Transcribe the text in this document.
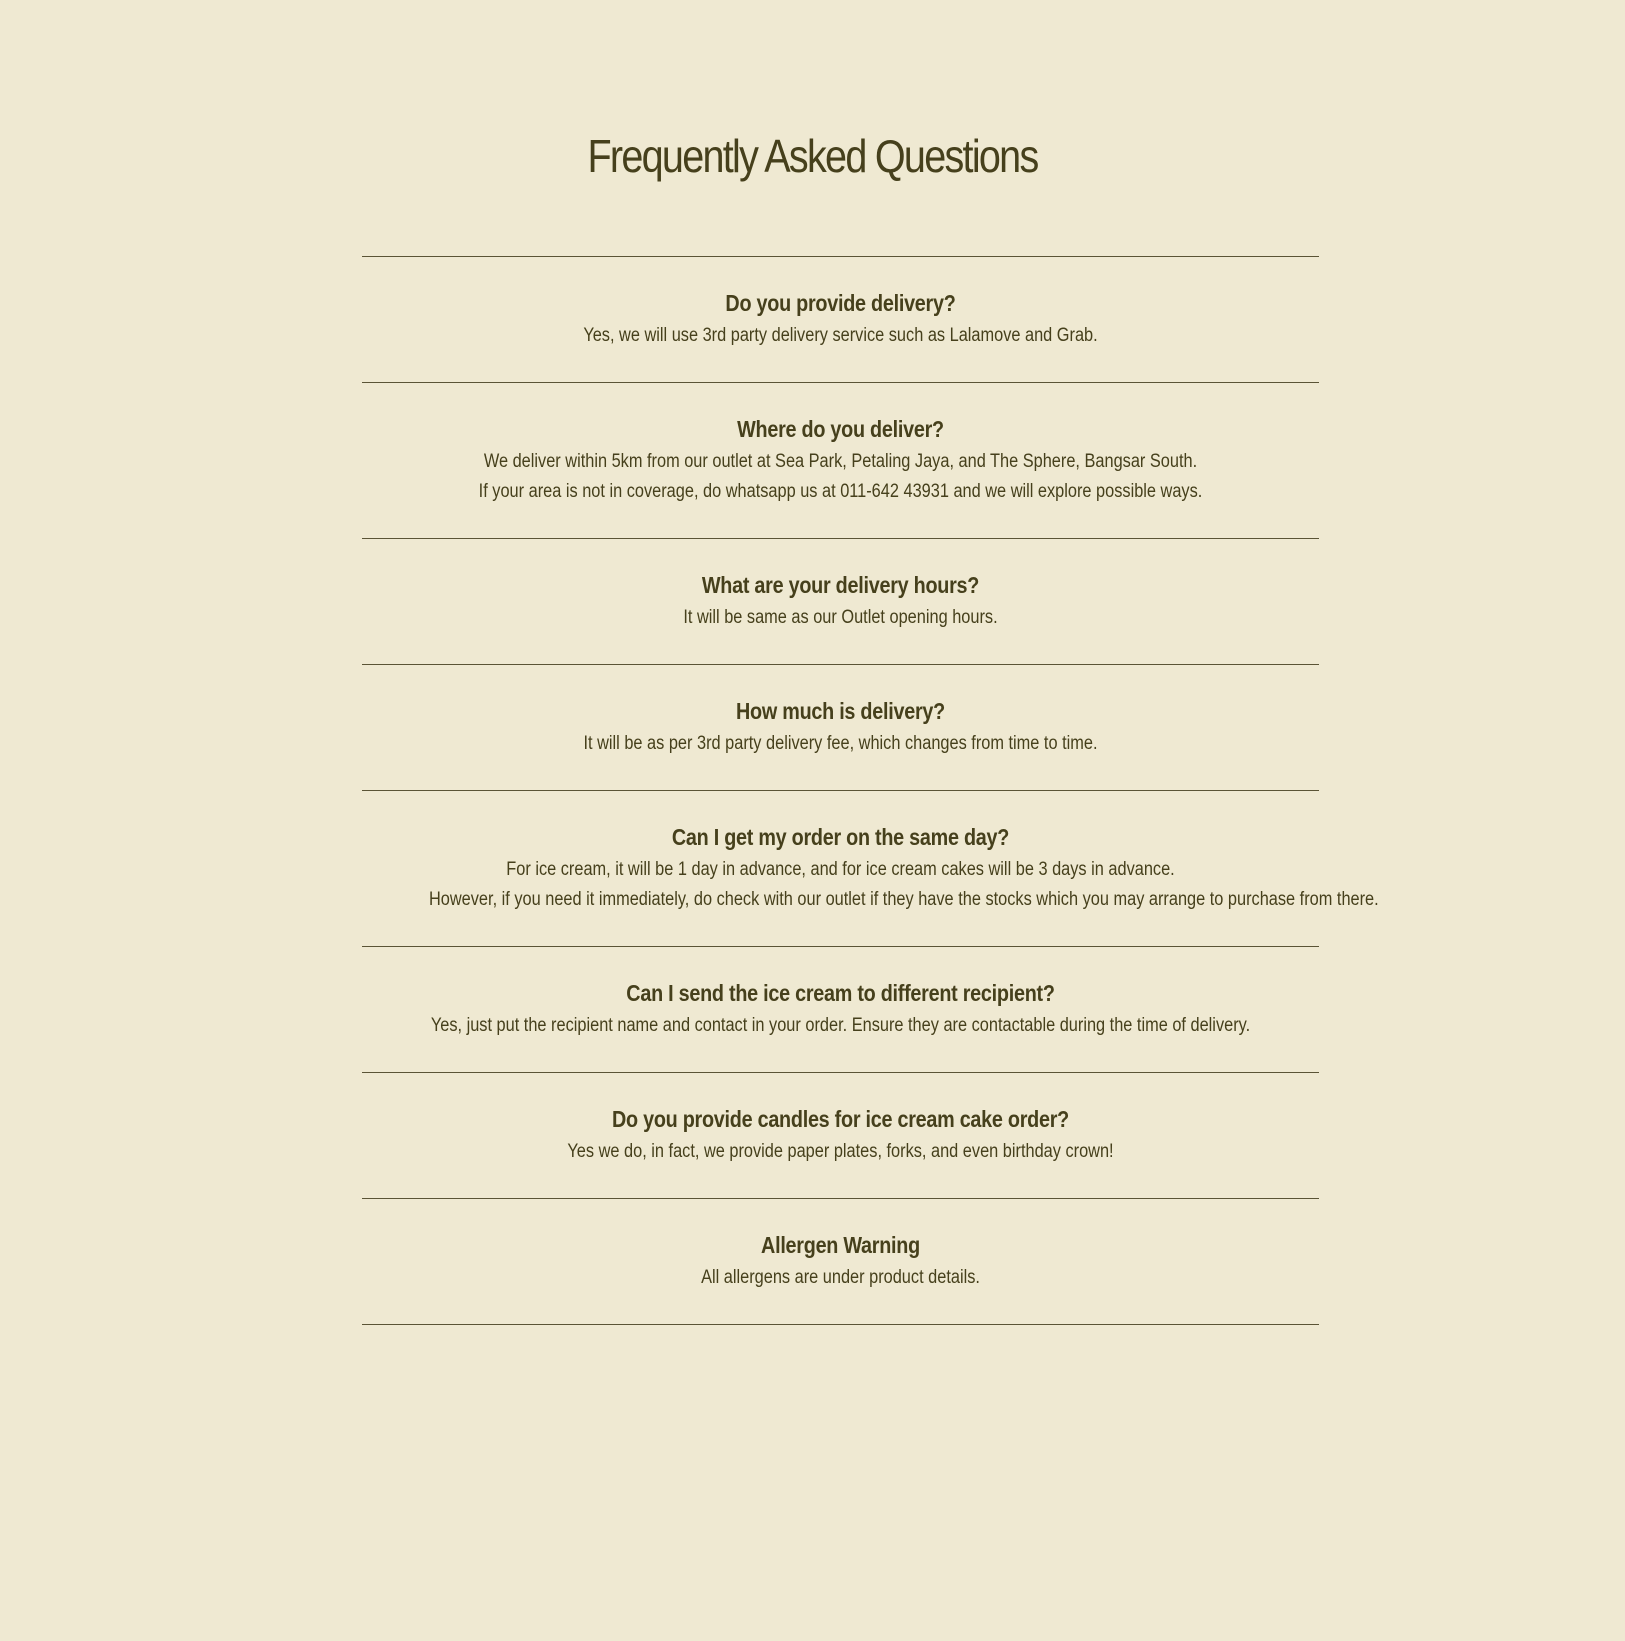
Frequently Asked Questions

Do you provide delivery?

Yes, we will use 3rd party delivery service such as Lalamove and Grab.

Where do you deliver?

We deliver within 5km from our outlet at Sea Park, Petaling Jaya, and The Sphere, Bangsar South.

If your area is not in coverage, do whatsapp us at 011-642 43931 and we will explore possible ways.

What are your delivery hours?

It will be same as our Outlet opening hours.

How much is delivery?

It will be as per 3rd party delivery fee, which changes from time to time.

Can I get my order on the same day?

For ice cream, it will be 1 day in advance, and for ice cream cakes will be 3 days in advance.

However, if you need it immediately, do check with our outlet if they have the stocks which you may arrange to purchase from there.

Can I send the ice cream to different recipient?

Yes, just put the recipient name and contact in your order. Ensure they are contactable during the time of delivery.

Do you provide candles for ice cream cake order?

Yes we do, in fact, we provide paper plates, forks, and even birthday crown!

Allergen Warning

All allergens are under product details.
